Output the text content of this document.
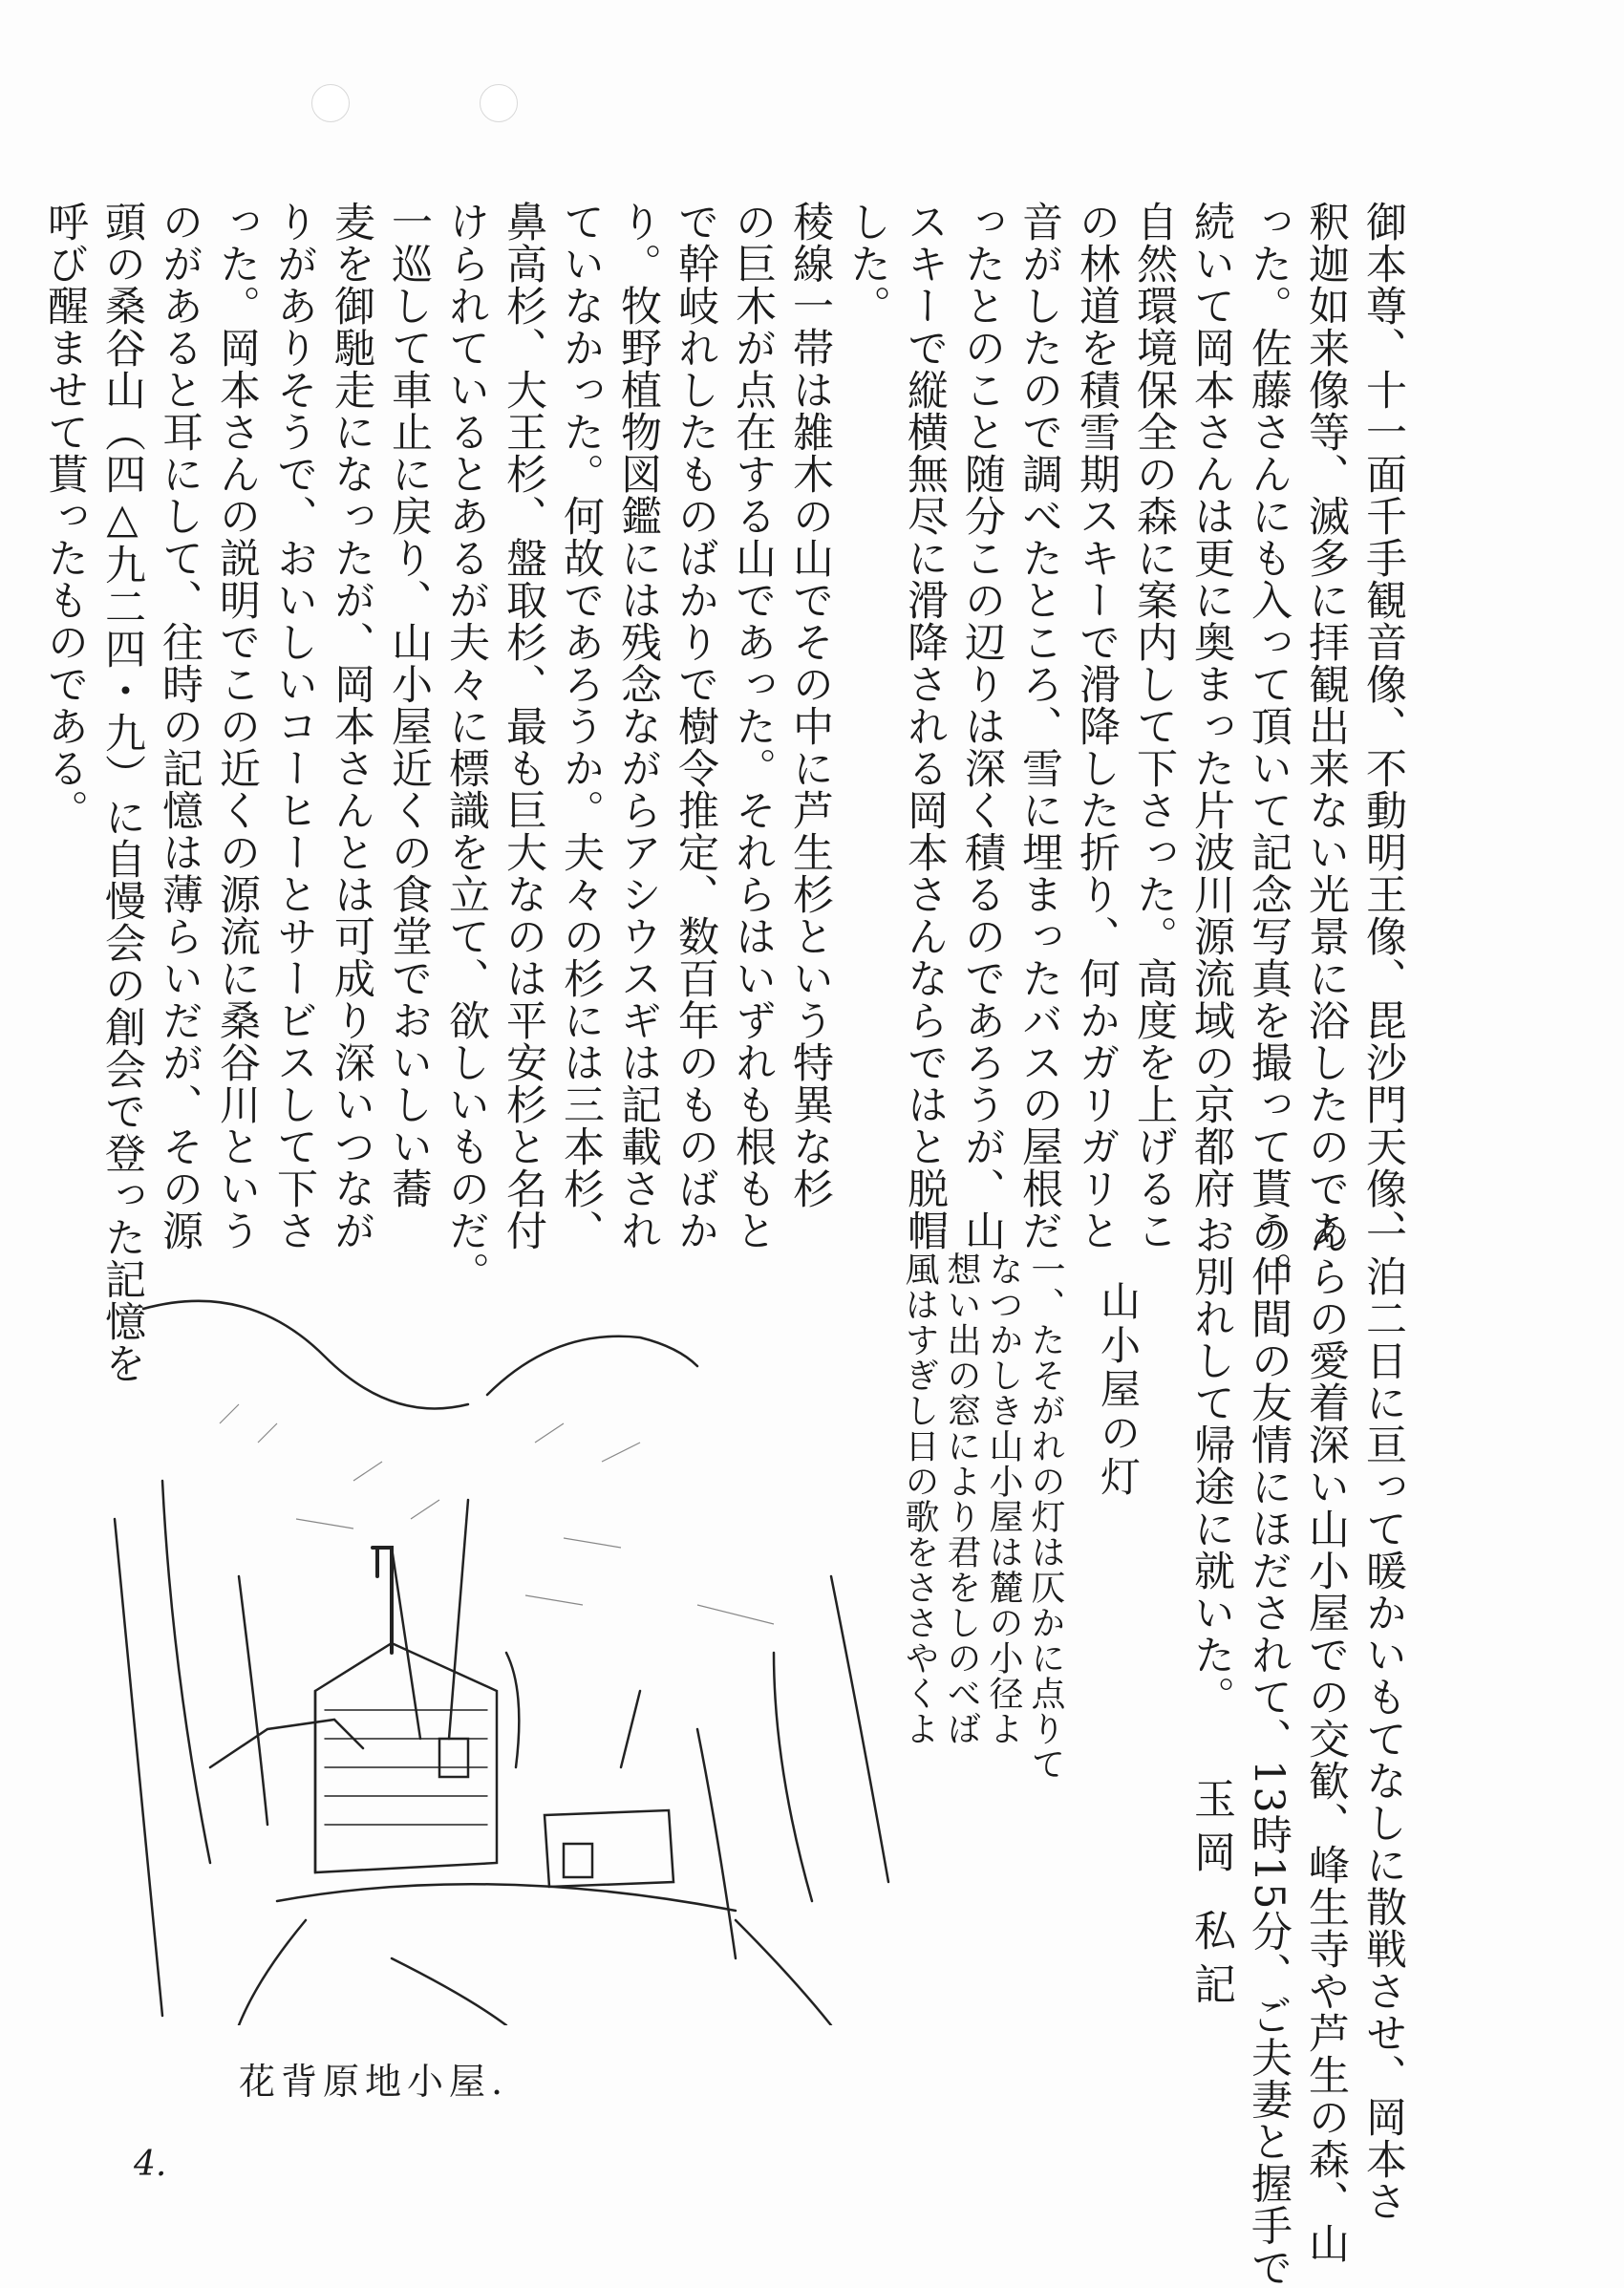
御本尊、十一面千手観音像、不動明王像、毘沙門天像、

釈迦如来像等、滅多に拝観出来ない光景に浴したのであ

った。佐藤さんにも入って頂いて記念写真を撮って貰う。

続いて岡本さんは更に奥まった片波川源流域の京都府

自然環境保全の森に案内して下さった。高度を上げるこ

の林道を積雪期スキーで滑降した折り、何かガリガリと

音がしたので調べたところ、雪に埋まったバスの屋根だ

ったとのこと随分この辺りは深く積るのであろうが、山

スキーで縦横無尽に滑降される岡本さんならではと脱帽

した。

稜線一帯は雑木の山でその中に芦生杉という特異な杉

の巨木が点在する山であった。それらはいずれも根もと

で幹岐れしたものばかりで樹令推定、数百年のものばか

り。牧野植物図鑑には残念ながらアシウスギは記載され

ていなかった。何故であろうか。夫々の杉には三本杉、

鼻高杉、大王杉、盤取杉、最も巨大なのは平安杉と名付

けられているとあるが夫々に標識を立て、欲しいものだ。

一巡して車止に戻り、山小屋近くの食堂でおいしい蕎

麦を御馳走になったが、岡本さんとは可成り深いつなが

りがありそうで、おいしいコーヒーとサービスして下さ

った。岡本さんの説明でこの近くの源流に桑谷川という

のがあると耳にして、往時の記憶は薄らいだが、その源

頭の桑谷山（四△九二四・九）に自慢会の創会で登った記憶を

呼び醒ませて貰ったものである。

一泊二日に亘って暖かいもてなしに散戦させ、岡本さ

んらの愛着深い山小屋での交歓、峰生寺や芦生の森、山

の仲間の友情にほだされて、13時15分、ご夫妻と握手で

お別れして帰途に就いた。

玉岡 私記
山小屋の灯

一、たそがれの灯は仄かに点りて

なつかしき山小屋は麓の小径よ

想い出の窓により君をしのべば

風はすぎし日の歌をささやくよ

花背原地小屋.
4.
